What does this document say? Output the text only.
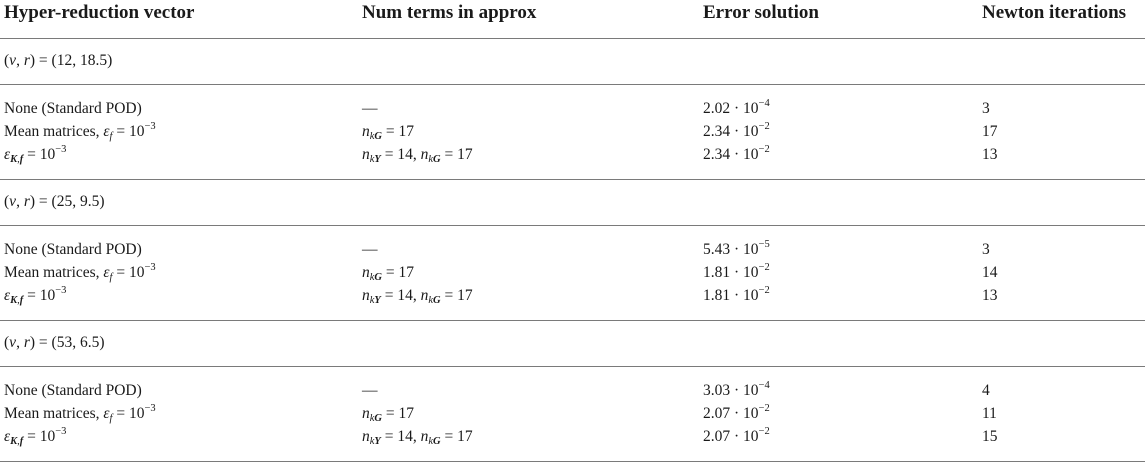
Hyper-reduction vector	Num terms in approx	Error solution	Newton iterations
(v, r) = (12, 18.5)
None (Standard POD)	—	$2.02 \cdot 10^{-4}$	3
Mean matrices, $\varepsilon_f = 10^{-3}$	$n_{kG} = 17$	$2.34 \cdot 10^{-2}$	17
$\varepsilon_{K,f} = 10^{-3}$	$n_{kY} = 14$, $n_{kG} = 17$	$2.34 \cdot 10^{-2}$	13
(v, r) = (25, 9.5)
None (Standard POD)	—	$5.43 \cdot 10^{-5}$	3
Mean matrices, $\varepsilon_f = 10^{-3}$	$n_{kG} = 17$	$1.81 \cdot 10^{-2}$	14
$\varepsilon_{K,f} = 10^{-3}$	$n_{kY} = 14$, $n_{kG} = 17$	$1.81 \cdot 10^{-2}$	13
(v, r) = (53, 6.5)
None (Standard POD)	—	$3.03 \cdot 10^{-4}$	4
Mean matrices, $\varepsilon_f = 10^{-3}$	$n_{kG} = 17$	$2.07 \cdot 10^{-2}$	11
$\varepsilon_{K,f} = 10^{-3}$	$n_{kY} = 14$, $n_{kG} = 17$	$2.07 \cdot 10^{-2}$	15
